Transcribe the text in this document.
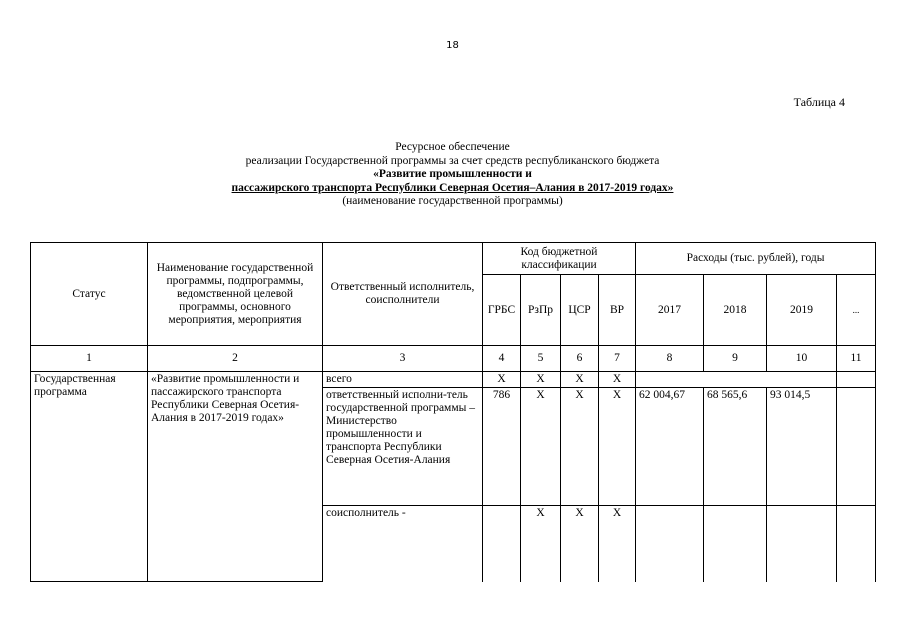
18
Таблица 4
Ресурсное обеспечение
реализации Государственной программы за счет средств республиканского бюджета
«Развитие промышленности и
пассажирского транспорта Республики Северная Осетия–Алания в 2017-2019 годах»
(наименование государственной программы)
Статус	Наименование государственной программы, подпрограммы, ведомственной целевой программы, основного мероприятия, мероприятия	Ответственный исполнитель, соисполнители	Код бюджетной классификации				Расходы (тыс. рублей), годы			
			ГРБС	РзПр	ЦСР	ВР	2017	2018	2019	...
1	2	3	4	5	6	7	8	9	10	11
Государственная программа	«Развитие промышленности и пассажирского транспорта Республики Северная Осетия-Алания в 2017-2019 годах»	всего	X	X	X	X				
		ответственный исполни-тель государственной программы – Министерство промышленности и транспорта Республики Северная Осетия-Алания	786	X	X	X	62 004,67	68 565,6	93 014,5	
		соисполнитель -		X	X	X				
